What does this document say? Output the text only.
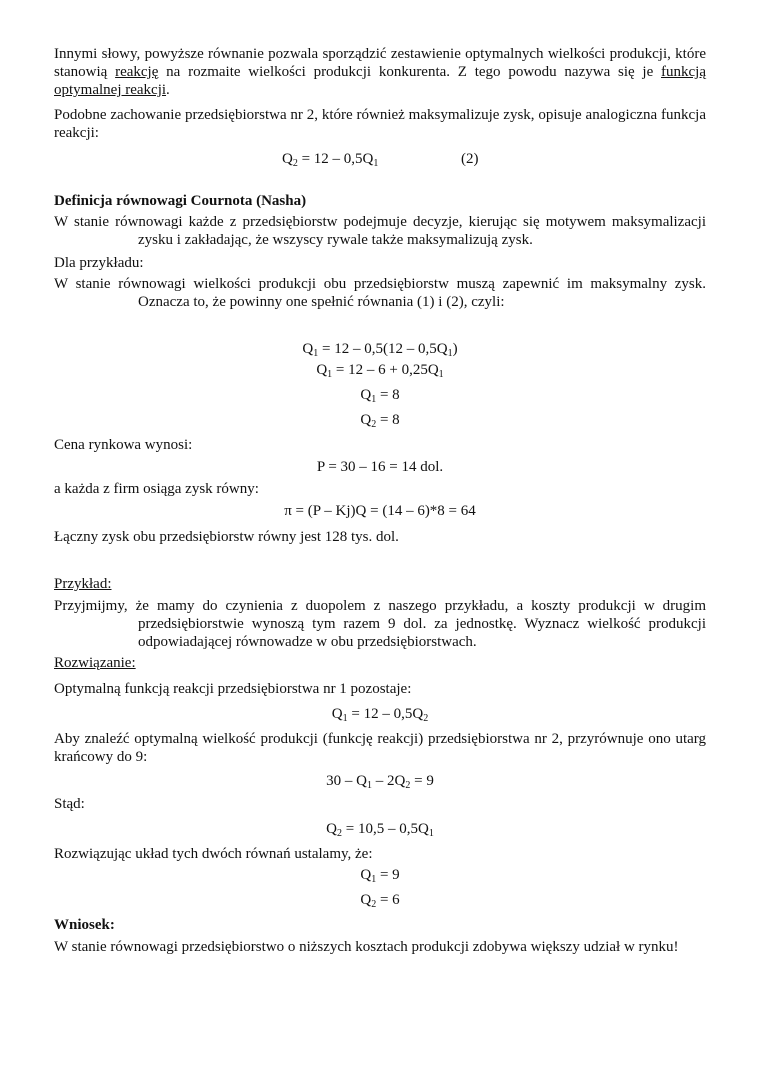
Innymi słowy, powyższe równanie pozwala sporządzić zestawienie optymalnych wielkości produkcji, które stanowią reakcję na rozmaite wielkości produkcji konkurenta. Z tego powodu nazywa się je funkcją optymalnej reakcji.

Podobne zachowanie przedsiębiorstwa nr 2, które również maksymalizuje zysk, opisuje analogiczna funkcja reakcji:

$Q_2 = 12 - 0,5Q_1$	(2)

Definicja równowagi Cournota (Nasha)

W stanie równowagi każde z przedsiębiorstw podejmuje decyzje, kierując się motywem maksymalizacji zysku i zakładając, że wszyscy rywale także maksymalizują zysk.

Dla przykładu:

W stanie równowagi wielkości produkcji obu przedsiębiorstw muszą zapewnić im maksymalny zysk. Oznacza to, że powinny one spełnić równania (1) i (2), czyli:

$Q_1 = 12 - 0,5(12 - 0,5Q_1)$

$Q_1 = 12 - 6 + 0,25Q_1$

$Q_1 = 8$

$Q_2 = 8$

Cena rynkowa wynosi:

P = 30 – 16 = 14 dol.

a każda z firm osiąga zysk równy:

π = (P – Kj)Q = (14 – 6)*8 = 64

Łączny zysk obu przedsiębiorstw równy jest 128 tys. dol.

Przykład:

Przyjmijmy, że mamy do czynienia z duopolem z naszego przykładu, a koszty produkcji w drugim przedsiębiorstwie wynoszą tym razem 9 dol. za jednostkę. Wyznacz wielkość produkcji odpowiadającej równowadze w obu przedsiębiorstwach.

Rozwiązanie:

Optymalną funkcją reakcji przedsiębiorstwa nr 1 pozostaje:

$Q_1 = 12 - 0,5Q_2$

Aby znaleźć optymalną wielkość produkcji (funkcję reakcji) przedsiębiorstwa nr 2, przyrównuje ono utarg krańcowy do 9:

$30 - Q_1 - 2Q_2 = 9$

Stąd:

$Q_2 = 10,5 - 0,5Q_1$

Rozwiązując układ tych dwóch równań ustalamy, że:

$Q_1 = 9$

$Q_2 = 6$

Wniosek:

W stanie równowagi przedsiębiorstwo o niższych kosztach produkcji zdobywa większy udział w rynku!
